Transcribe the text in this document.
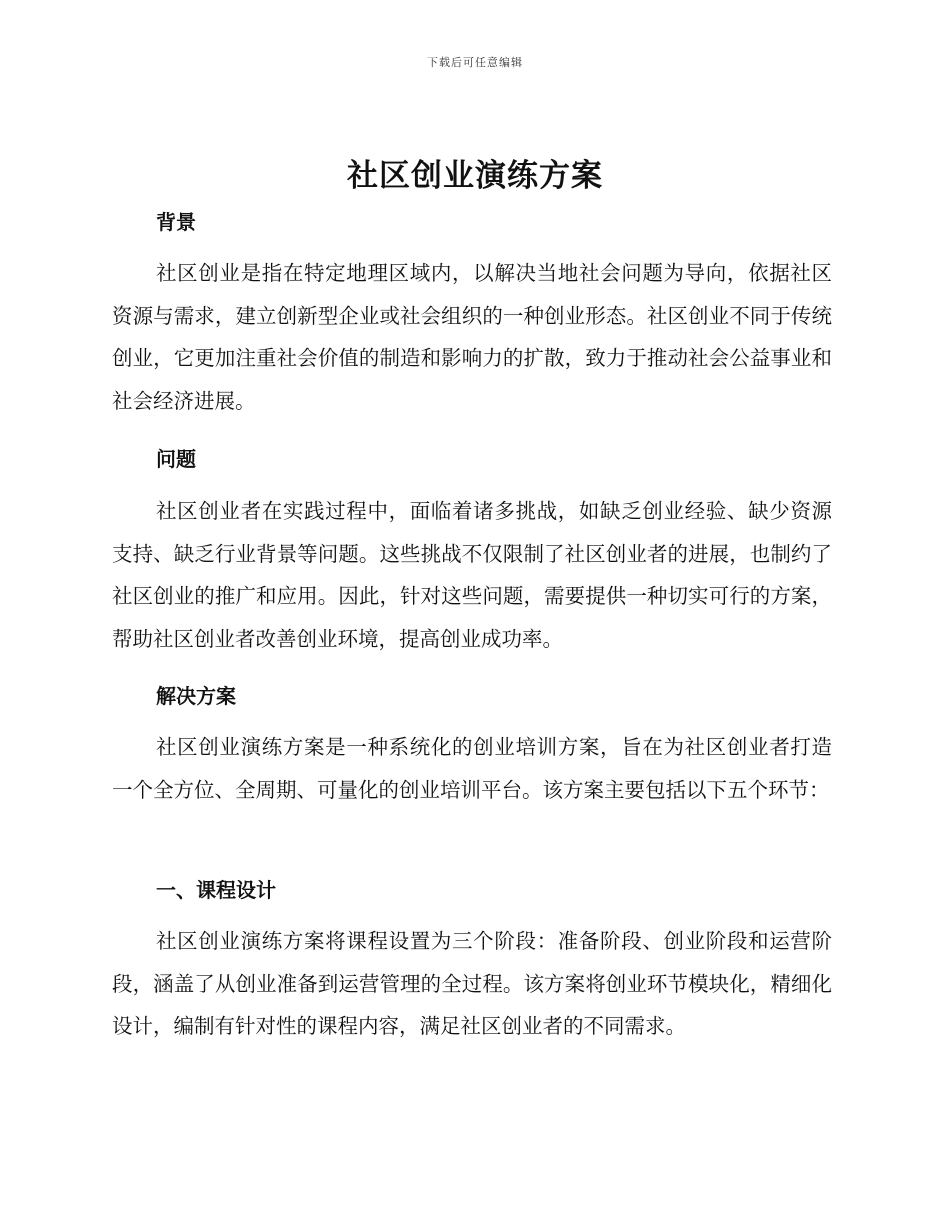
下载后可任意编辑
社区创业演练方案
背景

社区创业是指在特定地理区域内，以解决当地社会问题为导向，依据社区资源与需求，建立创新型企业或社会组织的一种创业形态。社区创业不同于传统创业，它更加注重社会价值的制造和影响力的扩散，致力于推动社会公益事业和社会经济进展。

问题

社区创业者在实践过程中，面临着诸多挑战，如缺乏创业经验、缺少资源支持、缺乏行业背景等问题。这些挑战不仅限制了社区创业者的进展，也制约了社区创业的推广和应用。因此，针对这些问题，需要提供一种切实可行的方案，帮助社区创业者改善创业环境，提高创业成功率。

解决方案

社区创业演练方案是一种系统化的创业培训方案，旨在为社区创业者打造一个全方位、全周期、可量化的创业培训平台。该方案主要包括以下五个环节：

一、课程设计

社区创业演练方案将课程设置为三个阶段：准备阶段、创业阶段和运营阶段，涵盖了从创业准备到运营管理的全过程。该方案将创业环节模块化，精细化设计，编制有针对性的课程内容，满足社区创业者的不同需求。
